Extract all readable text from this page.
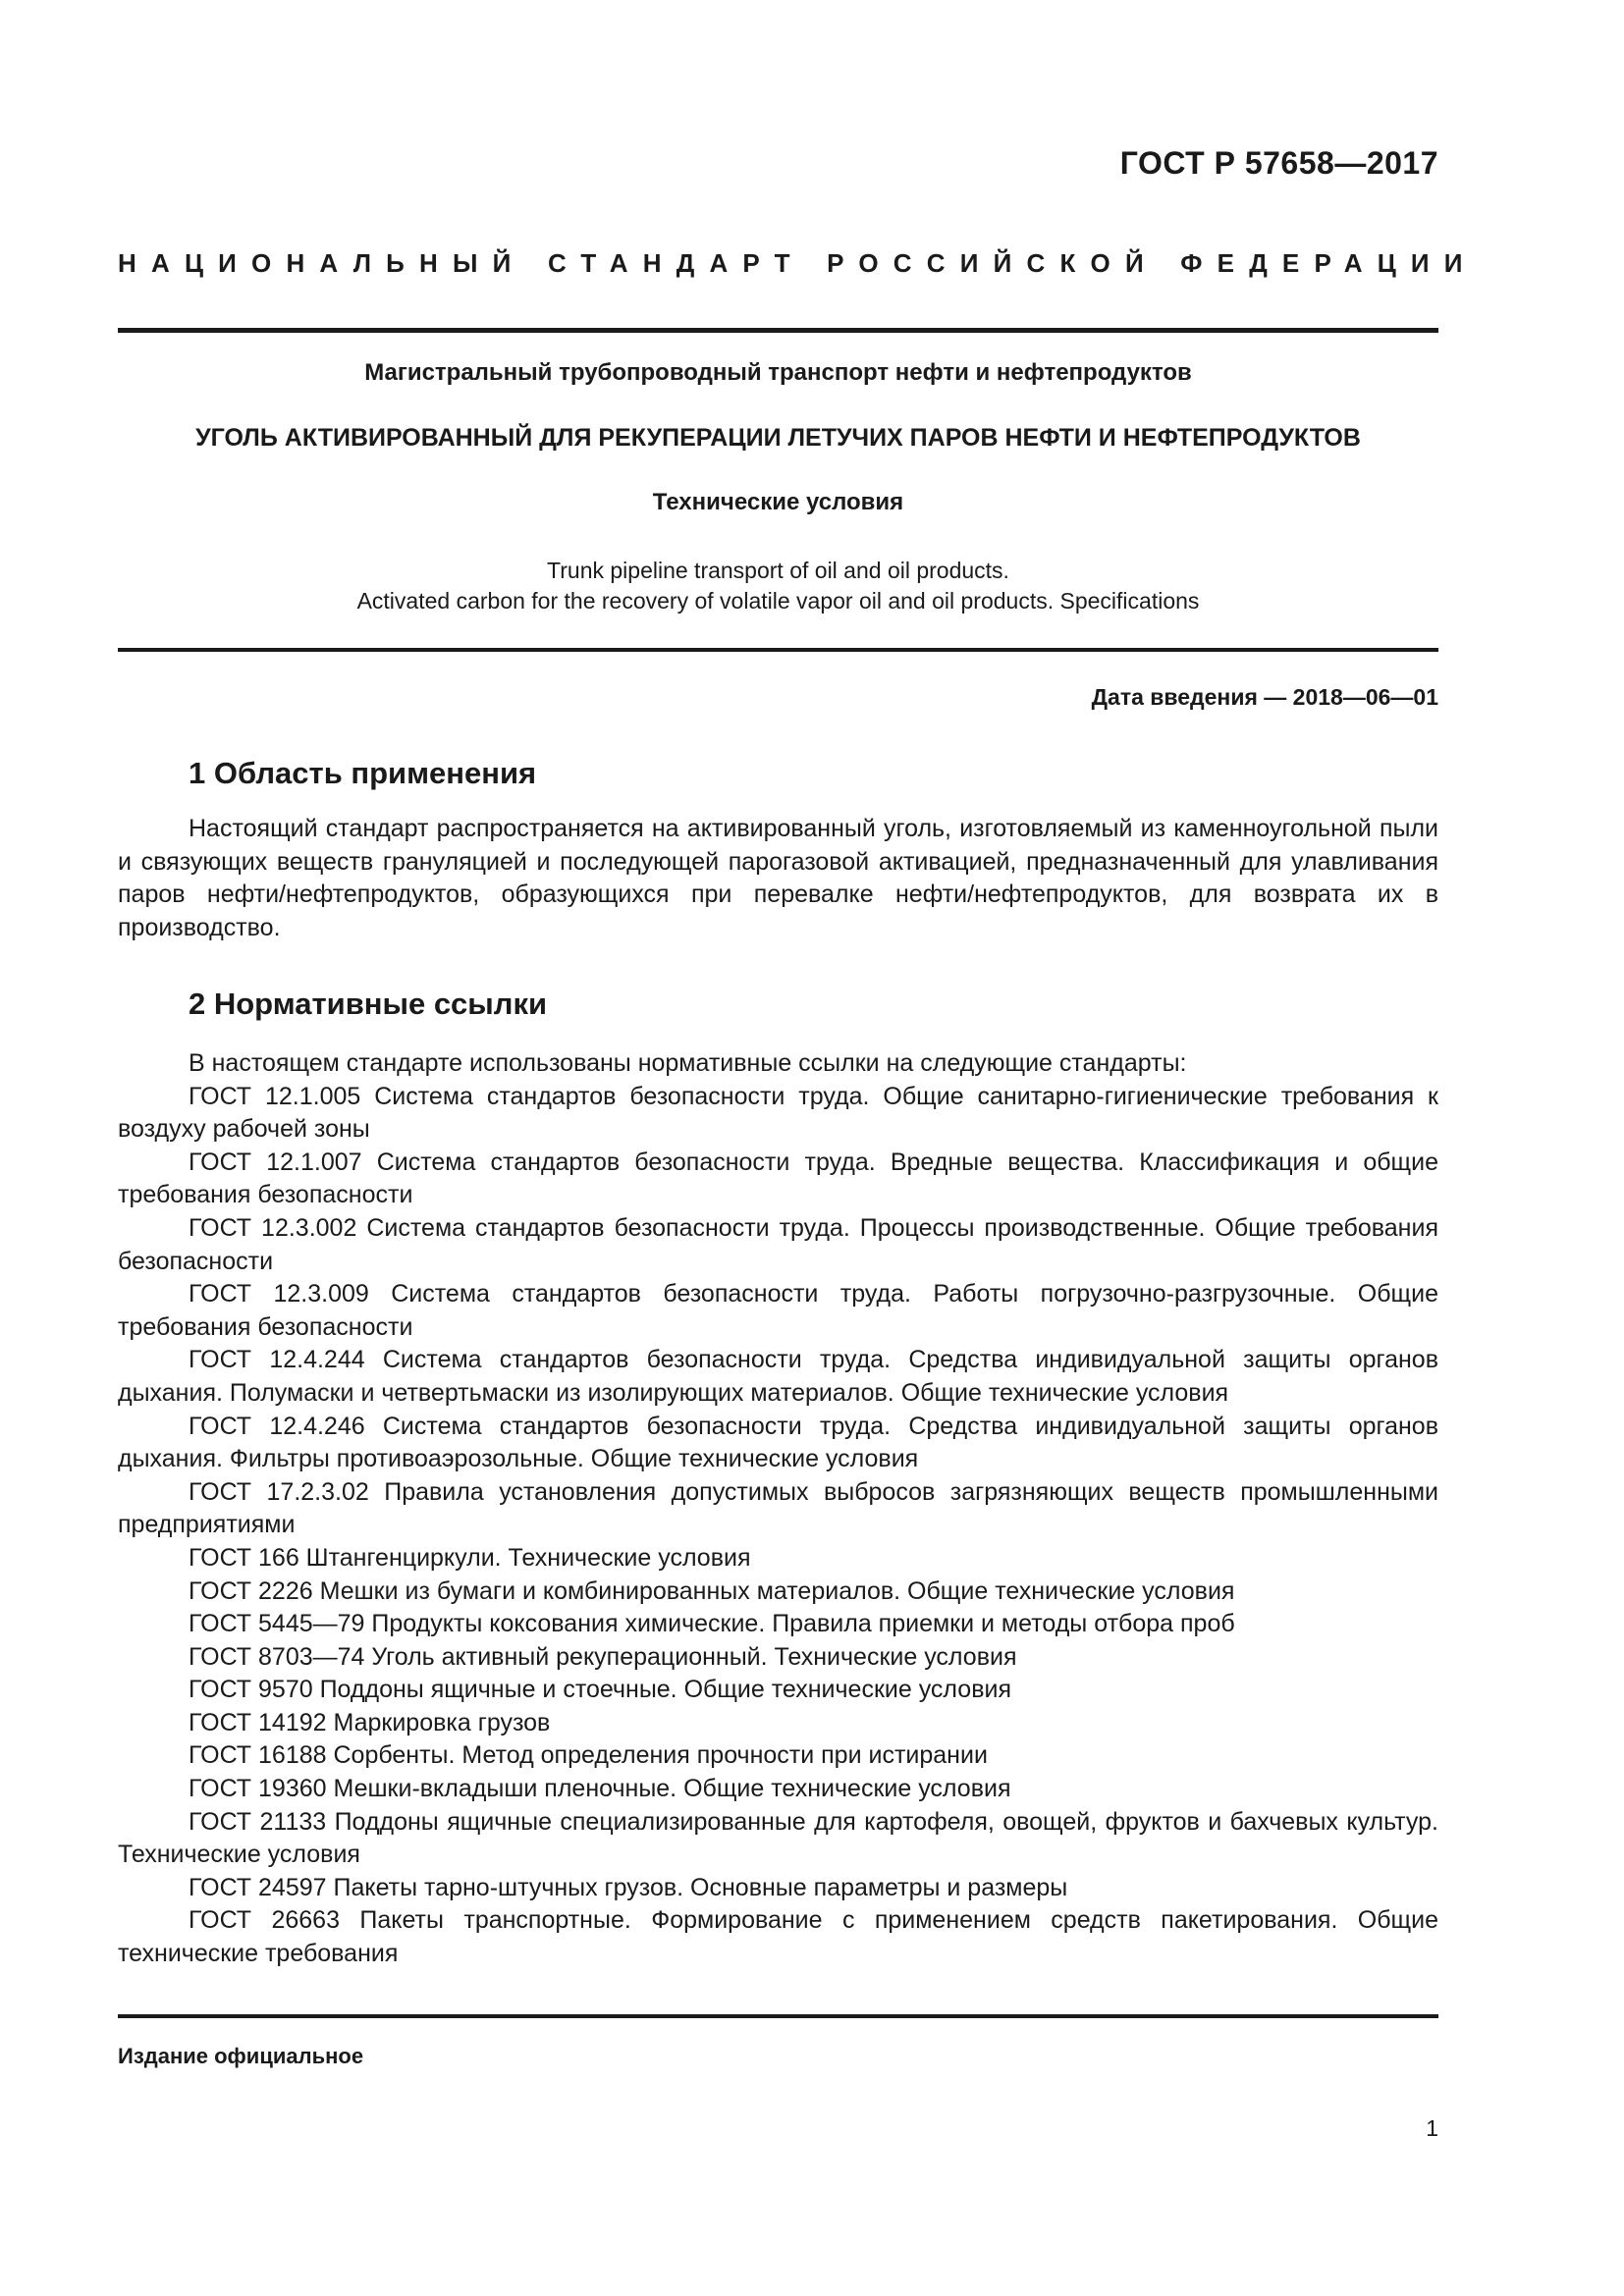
ГОСТ Р 57658—2017
НАЦИОНАЛЬНЫЙ СТАНДАРТ РОССИЙСКОЙ ФЕДЕРАЦИИ
Магистральный трубопроводный транспорт нефти и нефтепродуктов
УГОЛЬ АКТИВИРОВАННЫЙ ДЛЯ РЕКУПЕРАЦИИ ЛЕТУЧИХ ПАРОВ НЕФТИ И НЕФТЕПРОДУКТОВ
Технические условия
Trunk pipeline transport of oil and oil products.
Activated carbon for the recovery of volatile vapor oil and oil products. Specifications
Дата введения — 2018—06—01
1 Область применения

Настоящий стандарт распространяется на активированный уголь, изготовляемый из каменноугольной пыли и связующих веществ грануляцией и последующей парогазовой активацией, предназначенный для улавливания паров нефти/нефтепродуктов, образующихся при перевалке нефти/нефтепродуктов, для возврата их в производство.

2 Нормативные ссылки

В настоящем стандарте использованы нормативные ссылки на следующие стандарты:

ГОСТ 12.1.005 Система стандартов безопасности труда. Общие санитарно-гигиенические требования к воздуху рабочей зоны

ГОСТ 12.1.007 Система стандартов безопасности труда. Вредные вещества. Классификация и общие требования безопасности

ГОСТ 12.3.002 Система стандартов безопасности труда. Процессы производственные. Общие требования безопасности

ГОСТ 12.3.009 Система стандартов безопасности труда. Работы погрузочно-разгрузочные. Общие требования безопасности

ГОСТ 12.4.244 Система стандартов безопасности труда. Средства индивидуальной защиты органов дыхания. Полумаски и четвертьмаски из изолирующих материалов. Общие технические условия

ГОСТ 12.4.246 Система стандартов безопасности труда. Средства индивидуальной защиты органов дыхания. Фильтры противоаэрозольные. Общие технические условия

ГОСТ 17.2.3.02 Правила установления допустимых выбросов загрязняющих веществ промышленными предприятиями

ГОСТ 166 Штангенциркули. Технические условия

ГОСТ 2226 Мешки из бумаги и комбинированных материалов. Общие технические условия

ГОСТ 5445—79 Продукты коксования химические. Правила приемки и методы отбора проб

ГОСТ 8703—74 Уголь активный рекуперационный. Технические условия

ГОСТ 9570 Поддоны ящичные и стоечные. Общие технические условия

ГОСТ 14192 Маркировка грузов

ГОСТ 16188 Сорбенты. Метод определения прочности при истирании

ГОСТ 19360 Мешки-вкладыши пленочные. Общие технические условия

ГОСТ 21133 Поддоны ящичные специализированные для картофеля, овощей, фруктов и бахчевых культур. Технические условия

ГОСТ 24597 Пакеты тарно-штучных грузов. Основные параметры и размеры

ГОСТ 26663 Пакеты транспортные. Формирование с применением средств пакетирования. Общие технические требования

Издание официальное
1
